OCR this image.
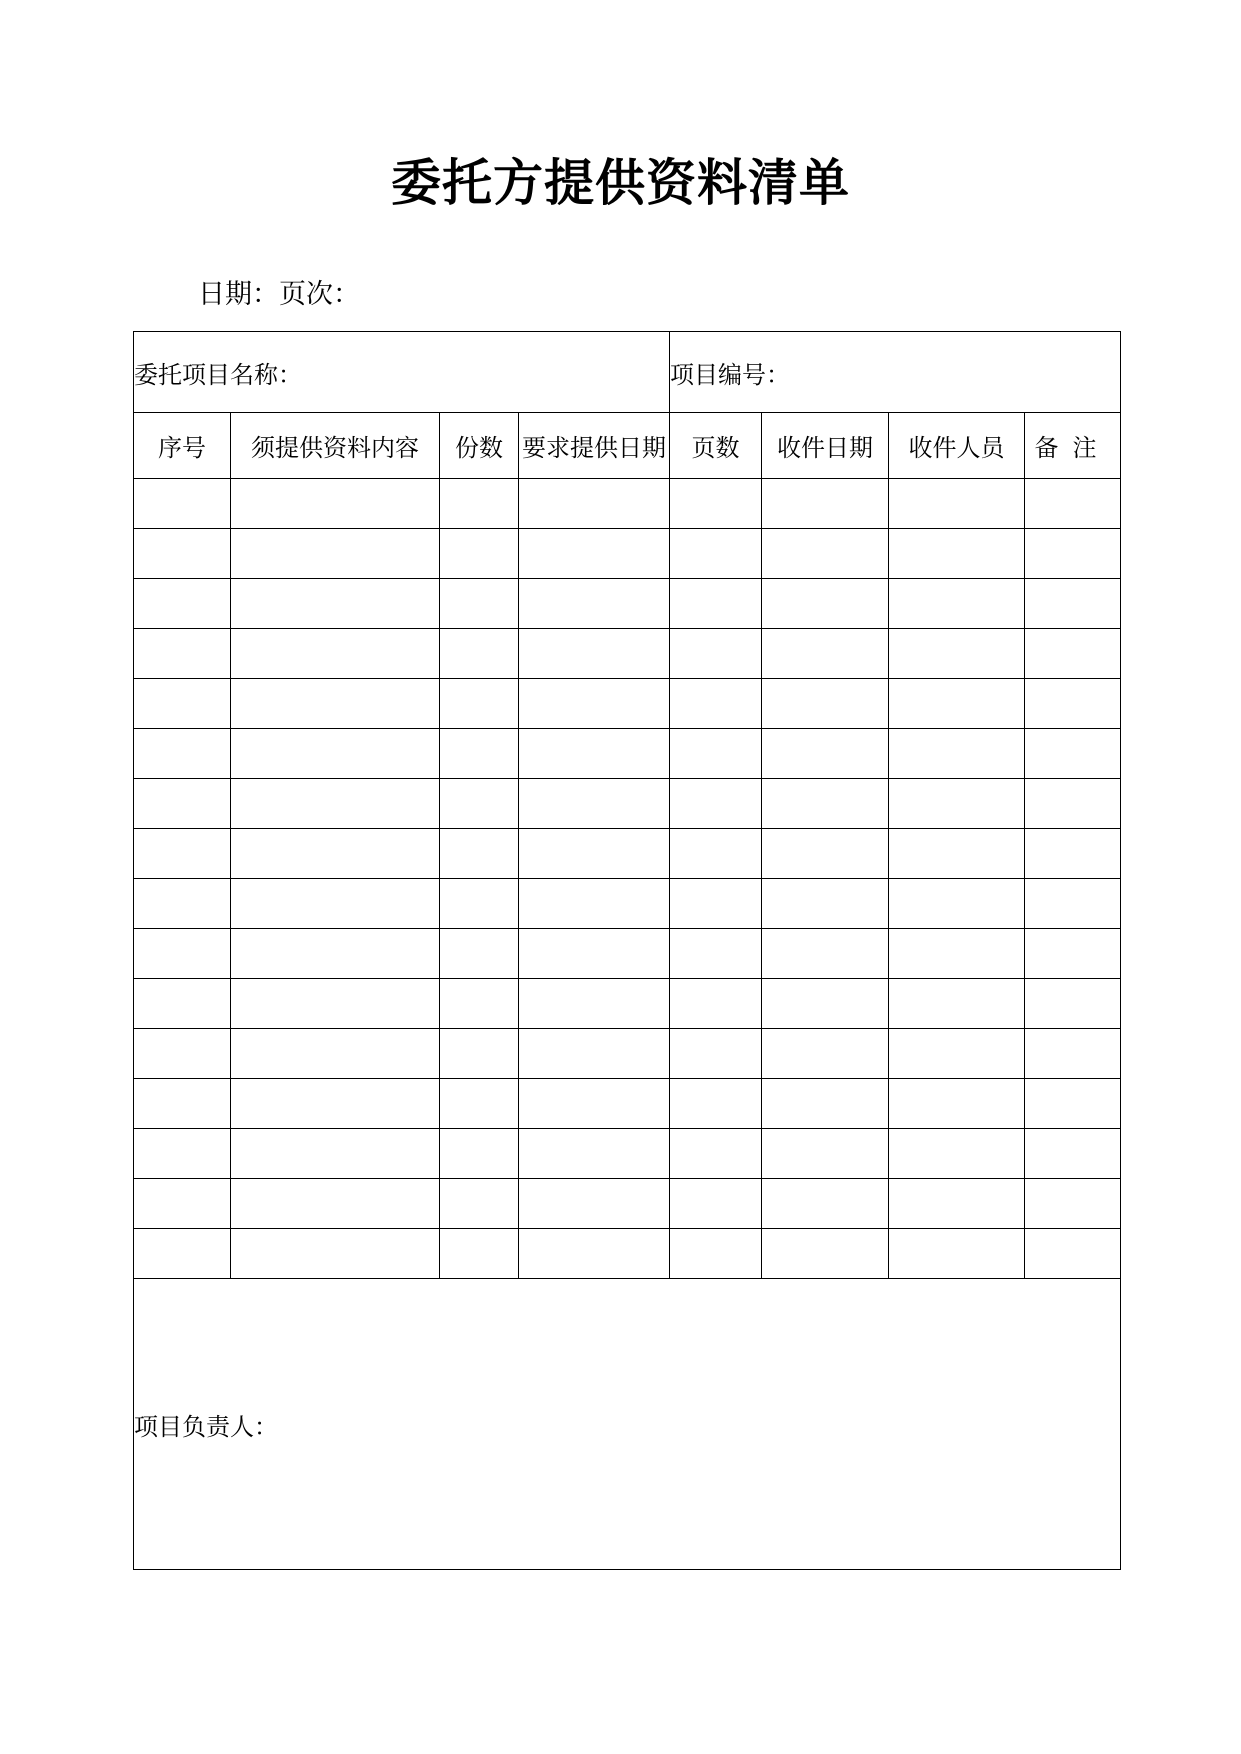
委托方提供资料清单
日期：页次：
委托项目名称：				项目编号：			
序号	须提供资料内容	份数	要求提供日期	页数	收件日期	收件人员	备注

项目负责人：							
